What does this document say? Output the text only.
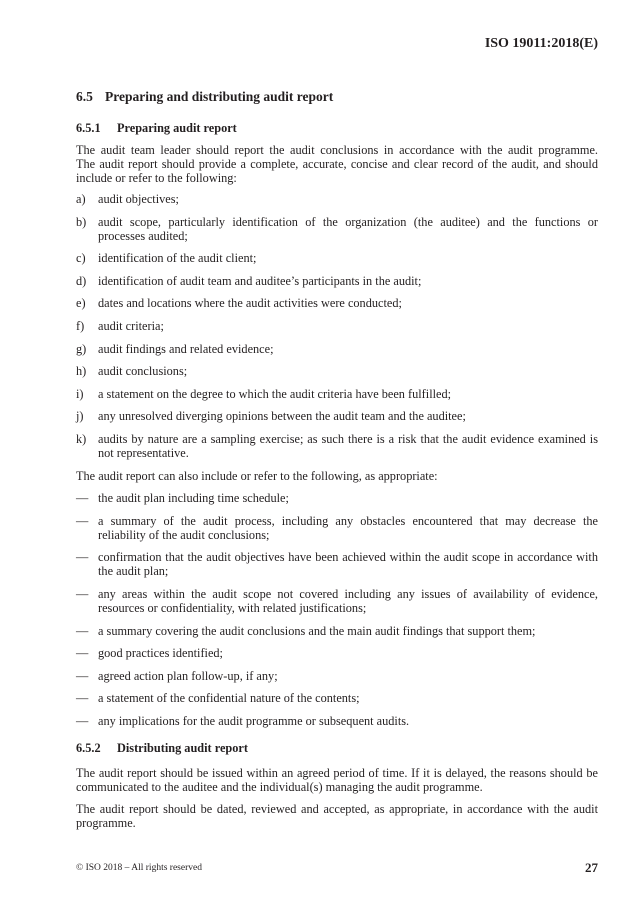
ISO 19011:2018(E)
6.5 Preparing and distributing audit report
6.5.1 Preparing audit report
The audit team leader should report the audit conclusions in accordance with the audit programme.
The audit report should provide a complete, accurate, concise and clear record of the audit, and should
include or refer to the following:
a) audit objectives;
b) audit scope, particularly identification of the organization (the auditee) and the functions or
processes audited;
c) identification of the audit client;
d) identification of audit team and auditee’s participants in the audit;
e) dates and locations where the audit activities were conducted;
f) audit criteria;
g) audit findings and related evidence;
h) audit conclusions;
i) a statement on the degree to which the audit criteria have been fulfilled;
j) any unresolved diverging opinions between the audit team and the auditee;
k) audits by nature are a sampling exercise; as such there is a risk that the audit evidence examined is
not representative.
The audit report can also include or refer to the following, as appropriate:
— the audit plan including time schedule;
— a summary of the audit process, including any obstacles encountered that may decrease the
reliability of the audit conclusions;
— confirmation that the audit objectives have been achieved within the audit scope in accordance with
the audit plan;
— any areas within the audit scope not covered including any issues of availability of evidence,
resources or confidentiality, with related justifications;
— a summary covering the audit conclusions and the main audit findings that support them;
— good practices identified;
— agreed action plan follow-up, if any;
— a statement of the confidential nature of the contents;
— any implications for the audit programme or subsequent audits.
6.5.2 Distributing audit report
The audit report should be issued within an agreed period of time. If it is delayed, the reasons should be
communicated to the auditee and the individual(s) managing the audit programme.
The audit report should be dated, reviewed and accepted, as appropriate, in accordance with the audit
programme.
© ISO 2018 – All rights reserved	27
